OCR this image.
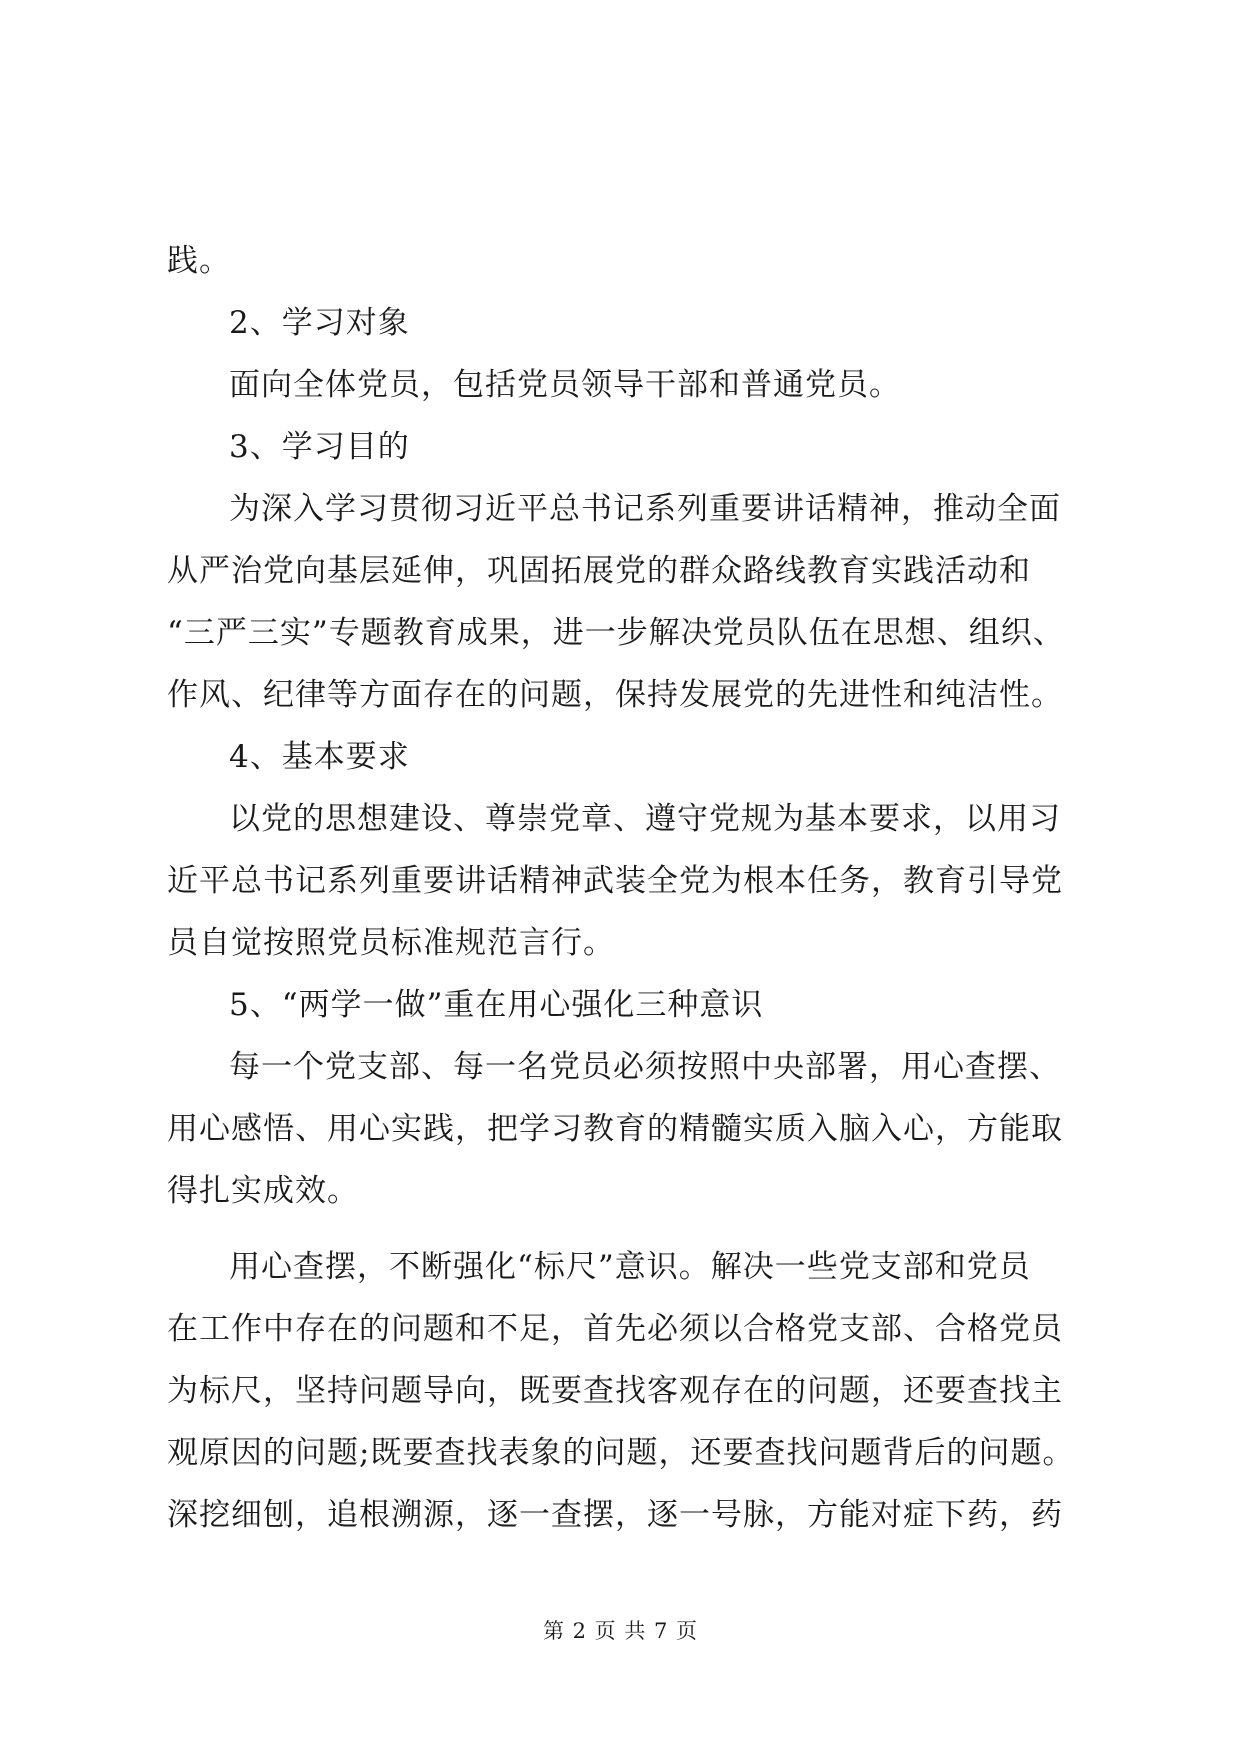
践。
2、学习对象
面向全体党员，包括党员领导干部和普通党员。
3、学习目的
为深入学习贯彻习近平总书记系列重要讲话精神，推动全面
从严治党向基层延伸，巩固拓展党的群众路线教育实践活动和
“三严三实”专题教育成果，进一步解决党员队伍在思想、组织、
作风、纪律等方面存在的问题，保持发展党的先进性和纯洁性。
4、基本要求
以党的思想建设、尊崇党章、遵守党规为基本要求，以用习
近平总书记系列重要讲话精神武装全党为根本任务，教育引导党
员自觉按照党员标准规范言行。
5、“两学一做”重在用心强化三种意识
每一个党支部、每一名党员必须按照中央部署，用心查摆、
用心感悟、用心实践，把学习教育的精髓实质入脑入心，方能取
得扎实成效。
用心查摆，不断强化“标尺”意识。解决一些党支部和党员
在工作中存在的问题和不足，首先必须以合格党支部、合格党员
为标尺，坚持问题导向，既要查找客观存在的问题，还要查找主
观原因的问题;既要查找表象的问题，还要查找问题背后的问题。
深挖细刨，追根溯源，逐一查摆，逐一号脉，方能对症下药，药
第 2 页 共 7 页
